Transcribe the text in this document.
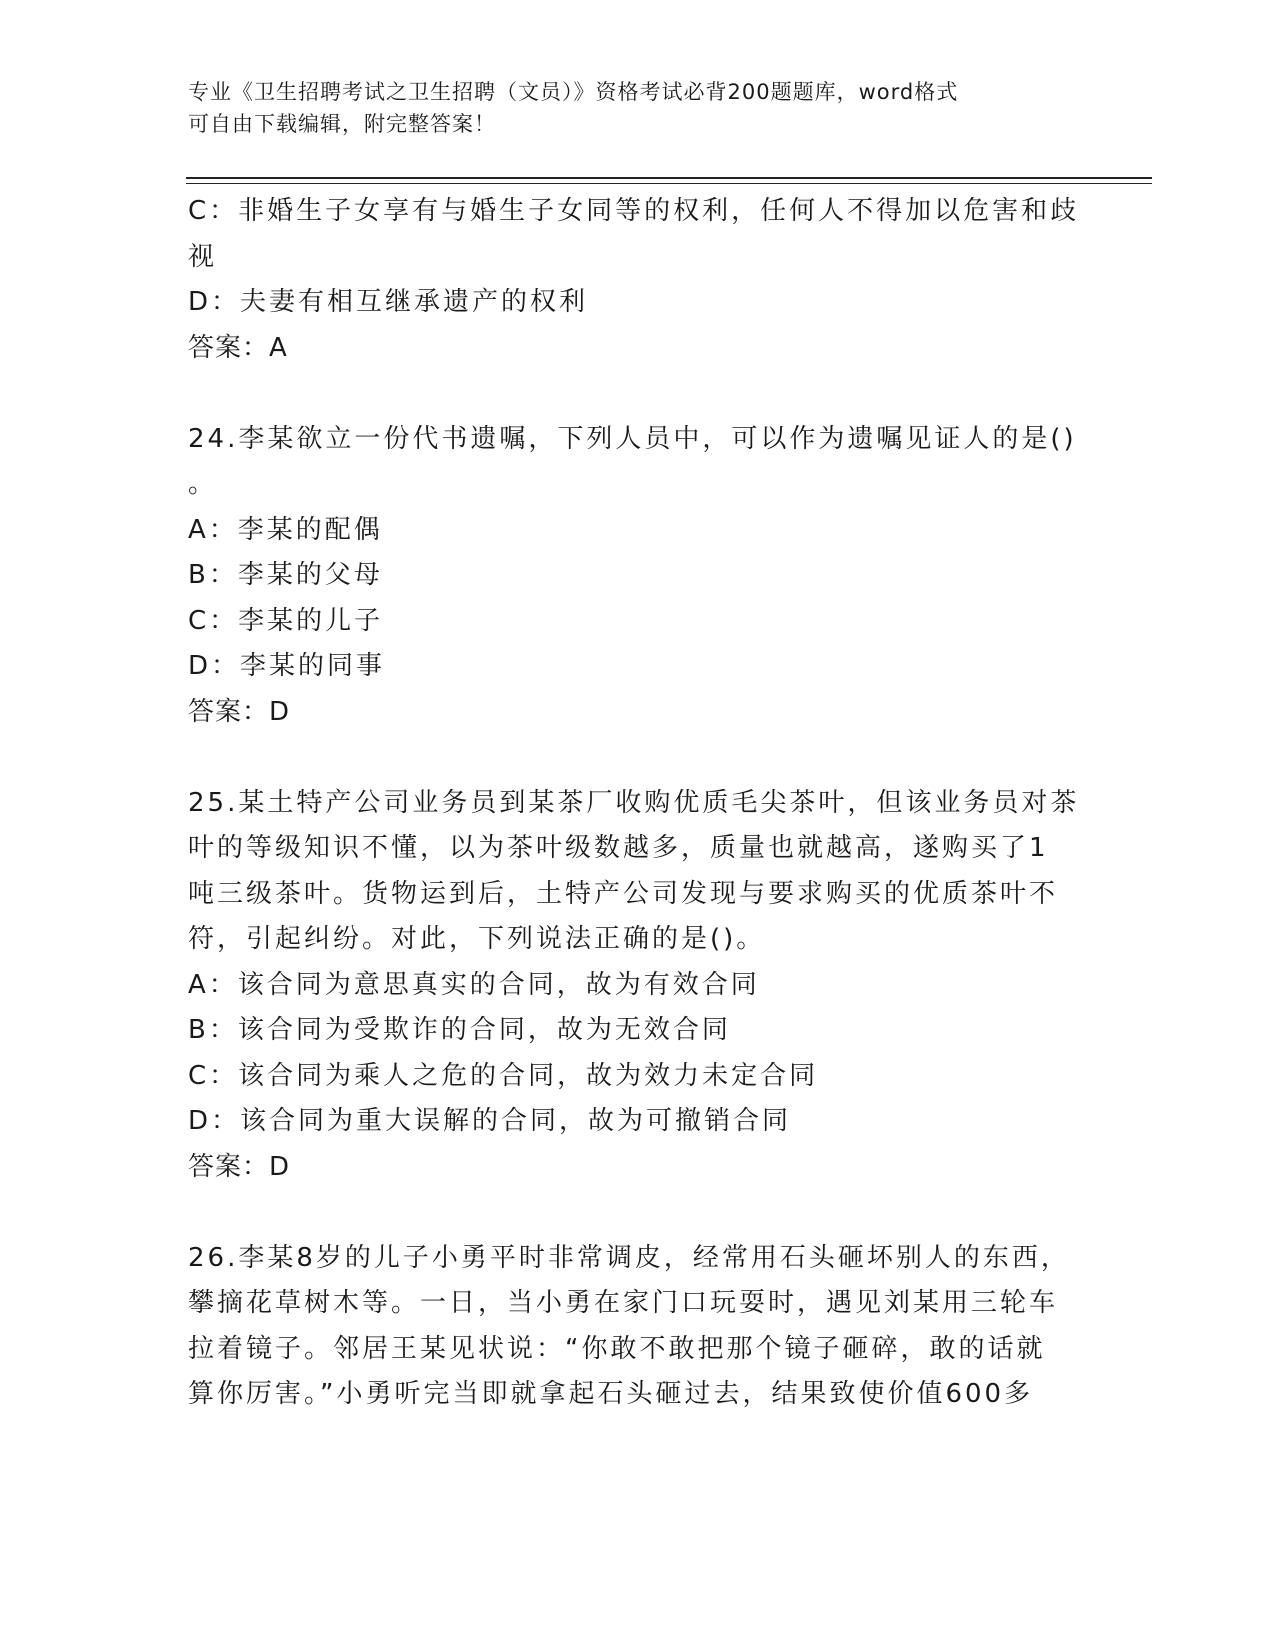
专业《卫生招聘考试之卫生招聘（文员）》资格考试必背200题题库，word格式
可自由下载编辑，附完整答案！
C：非婚生子女享有与婚生子女同等的权利，任何人不得加以危害和歧
视
D：夫妻有相互继承遗产的权利
答案：A
24.李某欲立一份代书遗嘱，下列人员中，可以作为遗嘱见证人的是()
。
A：李某的配偶
B：李某的父母
C：李某的儿子
D：李某的同事
答案：D
25.某土特产公司业务员到某茶厂收购优质毛尖茶叶，但该业务员对茶
叶的等级知识不懂，以为茶叶级数越多，质量也就越高，遂购买了1
吨三级茶叶。货物运到后，土特产公司发现与要求购买的优质茶叶不
符，引起纠纷。对此，下列说法正确的是()。
A：该合同为意思真实的合同，故为有效合同
B：该合同为受欺诈的合同，故为无效合同
C：该合同为乘人之危的合同，故为效力未定合同
D：该合同为重大误解的合同，故为可撤销合同
答案：D
26.李某8岁的儿子小勇平时非常调皮，经常用石头砸坏别人的东西，
攀摘花草树木等。一日，当小勇在家门口玩耍时，遇见刘某用三轮车
拉着镜子。邻居王某见状说：“你敢不敢把那个镜子砸碎，敢的话就
算你厉害。”小勇听完当即就拿起石头砸过去，结果致使价值600多
